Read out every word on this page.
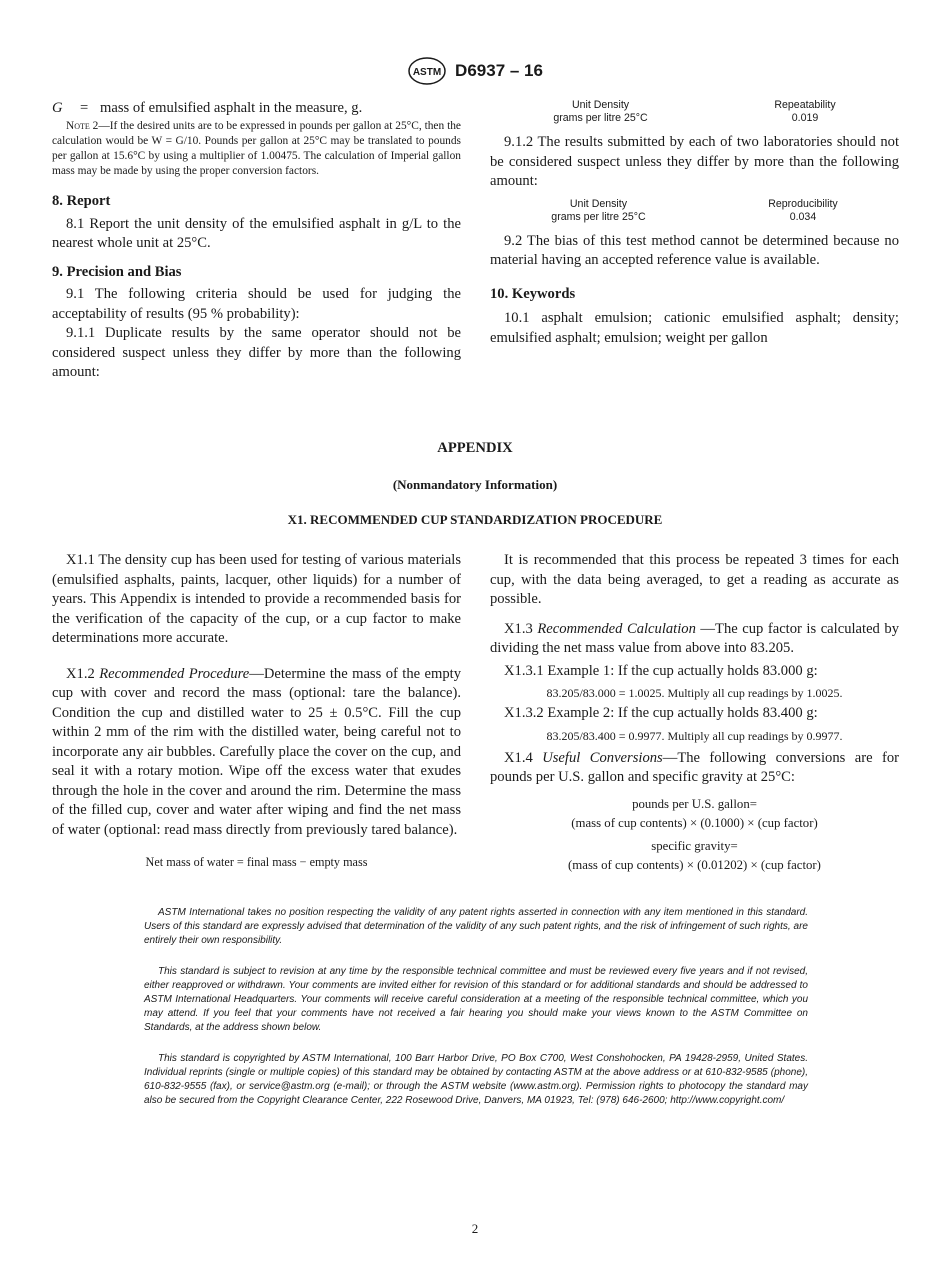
ASTM D6937 – 16
G	= mass of emulsified asphalt in the measure, g.

Note 2—If the desired units are to be expressed in pounds per gallon at 25°C, then the calculation would be W = G/10. Pounds per gallon at 25°C may be translated to pounds per gallon at 15.6°C by using a multiplier of 1.00475. The calculation of Imperial gallon mass may be made by using the proper conversion factors.

8. Report

8.1 Report the unit density of the emulsified asphalt in g/L to the nearest whole unit at 25°C.

9. Precision and Bias

9.1 The following criteria should be used for judging the acceptability of results (95 % probability):

9.1.1 Duplicate results by the same operator should not be considered suspect unless they differ by more than the following amount:

Unit Density
grams per litre 25°C
Repeatability
0.019

9.1.2 The results submitted by each of two laboratories should not be considered suspect unless they differ by more than the following amount:

Unit Density
grams per litre 25°C
Reproducibility
0.034

9.2 The bias of this test method cannot be determined because no material having an accepted reference value is available.

10. Keywords

10.1 asphalt emulsion; cationic emulsified asphalt; density; emulsified asphalt; emulsion; weight per gallon

APPENDIX
(Nonmandatory Information)
X1. RECOMMENDED CUP STANDARDIZATION PROCEDURE

X1.1 The density cup has been used for testing of various materials (emulsified asphalts, paints, lacquer, other liquids) for a number of years. This Appendix is intended to provide a recommended basis for the verification of the capacity of the cup, or a cup factor to make determinations more accurate.

X1.2 Recommended Procedure—Determine the mass of the empty cup with cover and record the mass (optional: tare the balance). Condition the cup and distilled water to 25 ± 0.5°C. Fill the cup within 2 mm of the rim with the distilled water, being careful not to incorporate any air bubbles. Carefully place the cover on the cup, and seal it with a rotary motion. Wipe off the excess water that exudes through the hole in the cover and around the rim. Determine the mass of the filled cup, cover and water after wiping and find the net mass of water (optional: read mass directly from previously tared balance).

Net mass of water = final mass − empty mass

It is recommended that this process be repeated 3 times for each cup, with the data being averaged, to get a reading as accurate as possible.

X1.3 Recommended Calculation —The cup factor is calculated by dividing the net mass value from above into 83.205.

X1.3.1 Example 1: If the cup actually holds 83.000 g:

83.205/83.000 = 1.0025. Multiply all cup readings by 1.0025.

X1.3.2 Example 2: If the cup actually holds 83.400 g:

83.205/83.400 = 0.9977. Multiply all cup readings by 0.9977.

X1.4 Useful Conversions—The following conversions are for pounds per U.S. gallon and specific gravity at 25°C:

pounds per U.S. gallon=

(mass of cup contents) × (0.1000) × (cup factor)

specific gravity=

(mass of cup contents) × (0.01202) × (cup factor)

ASTM International takes no position respecting the validity of any patent rights asserted in connection with any item mentioned in this standard. Users of this standard are expressly advised that determination of the validity of any such patent rights, and the risk of infringement of such rights, are entirely their own responsibility.

This standard is subject to revision at any time by the responsible technical committee and must be reviewed every five years and if not revised, either reapproved or withdrawn. Your comments are invited either for revision of this standard or for additional standards and should be addressed to ASTM International Headquarters. Your comments will receive careful consideration at a meeting of the responsible technical committee, which you may attend. If you feel that your comments have not received a fair hearing you should make your views known to the ASTM Committee on Standards, at the address shown below.

This standard is copyrighted by ASTM International, 100 Barr Harbor Drive, PO Box C700, West Conshohocken, PA 19428-2959, United States. Individual reprints (single or multiple copies) of this standard may be obtained by contacting ASTM at the above address or at 610-832-9585 (phone), 610-832-9555 (fax), or service@astm.org (e-mail); or through the ASTM website (www.astm.org). Permission rights to photocopy the standard may also be secured from the Copyright Clearance Center, 222 Rosewood Drive, Danvers, MA 01923, Tel: (978) 646-2600; http://www.copyright.com/

2
